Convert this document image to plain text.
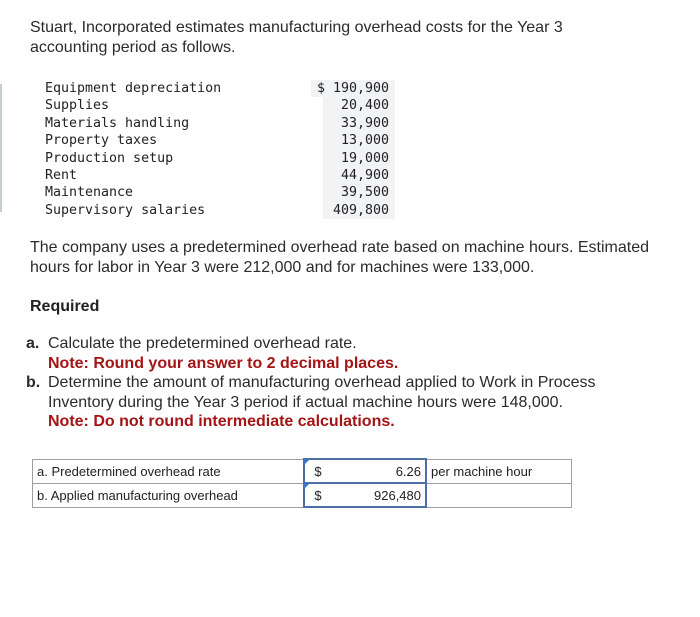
Stuart, Incorporated estimates manufacturing overhead costs for the Year 3 accounting period as follows.
Equipment depreciation	$ 190,900
Supplies	20,400
Materials handling	33,900
Property taxes	13,000
Production setup	19,000
Rent	44,900
Maintenance	39,500
Supervisory salaries	409,800
The company uses a predetermined overhead rate based on machine hours. Estimated hours for labor in Year 3 were 212,000 and for machines were 133,000.
Required
a. Calculate the predetermined overhead rate.
Note: Round your answer to 2 decimal places.
b. Determine the amount of manufacturing overhead applied to Work in Process Inventory during the Year 3 period if actual machine hours were 148,000.
Note: Do not round intermediate calculations.
a. Predetermined overhead rate	$	6.26	per machine hour
b. Applied manufacturing overhead	$	926,480	
